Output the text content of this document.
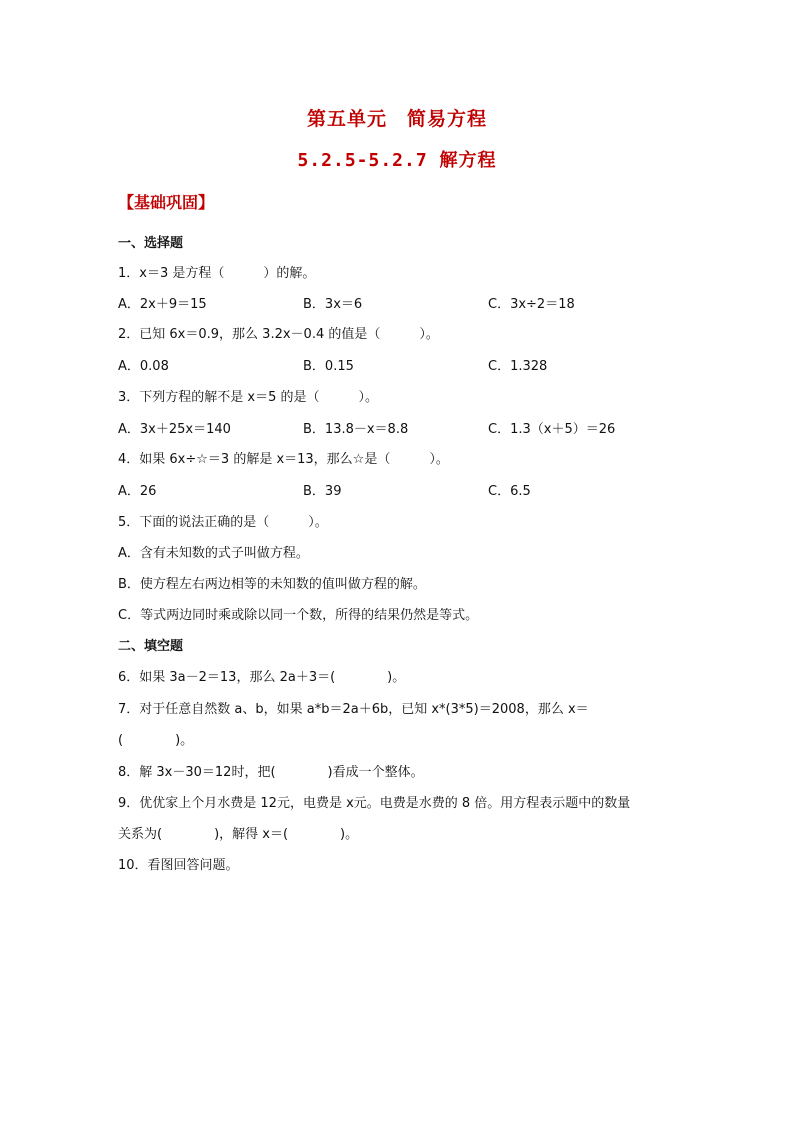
第五单元　简易方程
5.2.5-5.2.7 解方程
【基础巩固】
一、选择题
1．x＝3 是方程（　　　）的解。
A．2x＋9＝15	B．3x＝6	C．3x÷2＝18
2．已知 6x＝0.9，那么 3.2x－0.4 的值是（　　　）。
A．0.08	B．0.15	C．1.328
3．下列方程的解不是 x＝5 的是（　　　）。
A．3x＋25x＝140	B．13.8－x＝8.8	C．1.3（x＋5）＝26
4．如果 6x÷☆＝3 的解是 x＝13，那么☆是（　　　）。
A．26	B．39	C．6.5
5．下面的说法正确的是（　　　）。
A．含有未知数的式子叫做方程。
B．使方程左右两边相等的未知数的值叫做方程的解。
C．等式两边同时乘或除以同一个数，所得的结果仍然是等式。
二、填空题
6．如果 3a－2＝13，那么 2a＋3＝(　　　　)。
7．对于任意自然数 a、b，如果 a*b＝2a＋6b，已知 x*(3*5)＝2008，那么 x＝
(　　　　)。
8．解 3x－30＝12时，把(　　　　)看成一个整体。
9．优优家上个月水费是 12元，电费是 x元。电费是水费的 8 倍。用方程表示题中的数量
关系为(　　　　)，解得 x＝(　　　　)。
10．看图回答问题。
